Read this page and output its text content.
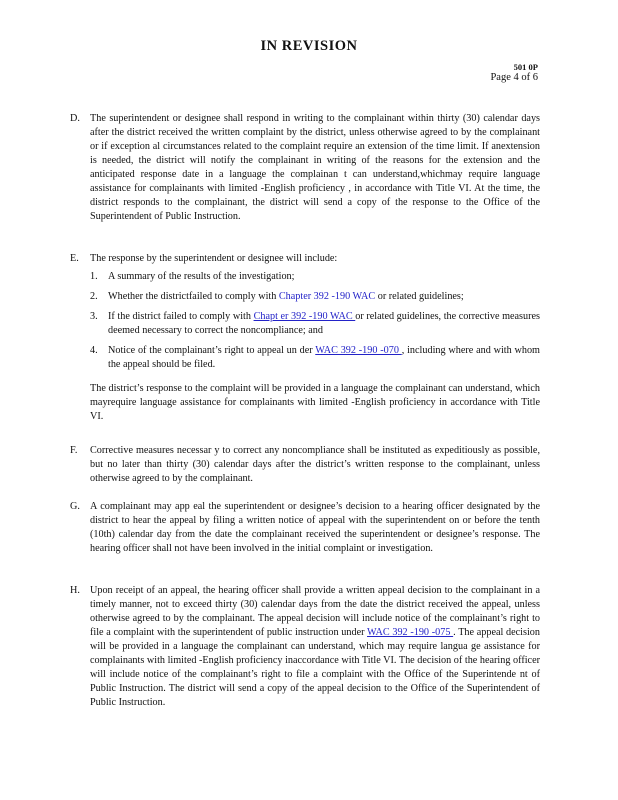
IN REVISION
501 0P
Page 4 of 6
D. The superintendent or designee shall respond in writing to the complainant within thirty (30) calendar days after the district received the written complaint by the district, unless otherwise agreed to by the complainant or if exception al circumstances related to the complaint require an extension of the time limit. If anextension is needed, the district will notify the complainant in writing of the reasons for the extension and the anticipated response date in a language the complainan t can understand,whichmay require language assistance for complainants with limited -English proficiency , in accordance with Title VI. At the time, the district responds to the complainant, the district will send a copy of the response to the Office of the Superintendent of Public Instruction.
E.	The response by the superintendent or designee will include:
1. A summary of the results of the investigation;
2. Whether the districtfailed to comply with Chapter 392 -190 WAC or related guidelines;
3. If the district failed to comply with Chapt er 392 -190 WAC or related guidelines, the corrective measures deemed necessary to correct the noncompliance; and
4. Notice of the complainant’s right to appeal un der WAC 392 -190 -070 , including where and with whom the appeal should be filed.
The district’s response to the complaint will be provided in a language the complainant can understand, which mayrequire language assistance for complainants with limited -English proficiency in accordance with Title VI.
F.	Corrective measures necessar y to correct any noncompliance shall be instituted as expeditiously as possible, but no later than thirty (30) calendar days after the district’s written response to the complainant, unless otherwise agreed to by the complainant.
G. A complainant may app eal the superintendent or designee’s decision to a hearing officer designated by the district to hear the appeal by filing a written notice of appeal with the superintendent on or before the tenth (10th) calendar day from the date the complainant received the superintendent or designee’s response. The hearing officer shall not have been involved in the initial complaint or investigation.
H. Upon receipt of an appeal, the hearing officer shall provide a written appeal decision to the complainant in a timely manner, not to exceed thirty (30) calendar days from the date the district received the appeal, unless otherwise agreed to by the complainant. The appeal decision will include notice of the complainant’s right to file a complaint with the superintendent of public instruction under WAC 392 -190 -075 . The appeal decision will be provided in a language the complainant can understand, which may require langua ge assistance for complainants with limited -English proficiency inaccordance with Title VI. The decision of the hearing officer will include notice of the complainant’s right to file a complaint with the Office of the Superintende nt of Public Instruction. The district will send a copy of the appeal decision to the Office of the Superintendent of Public Instruction.
